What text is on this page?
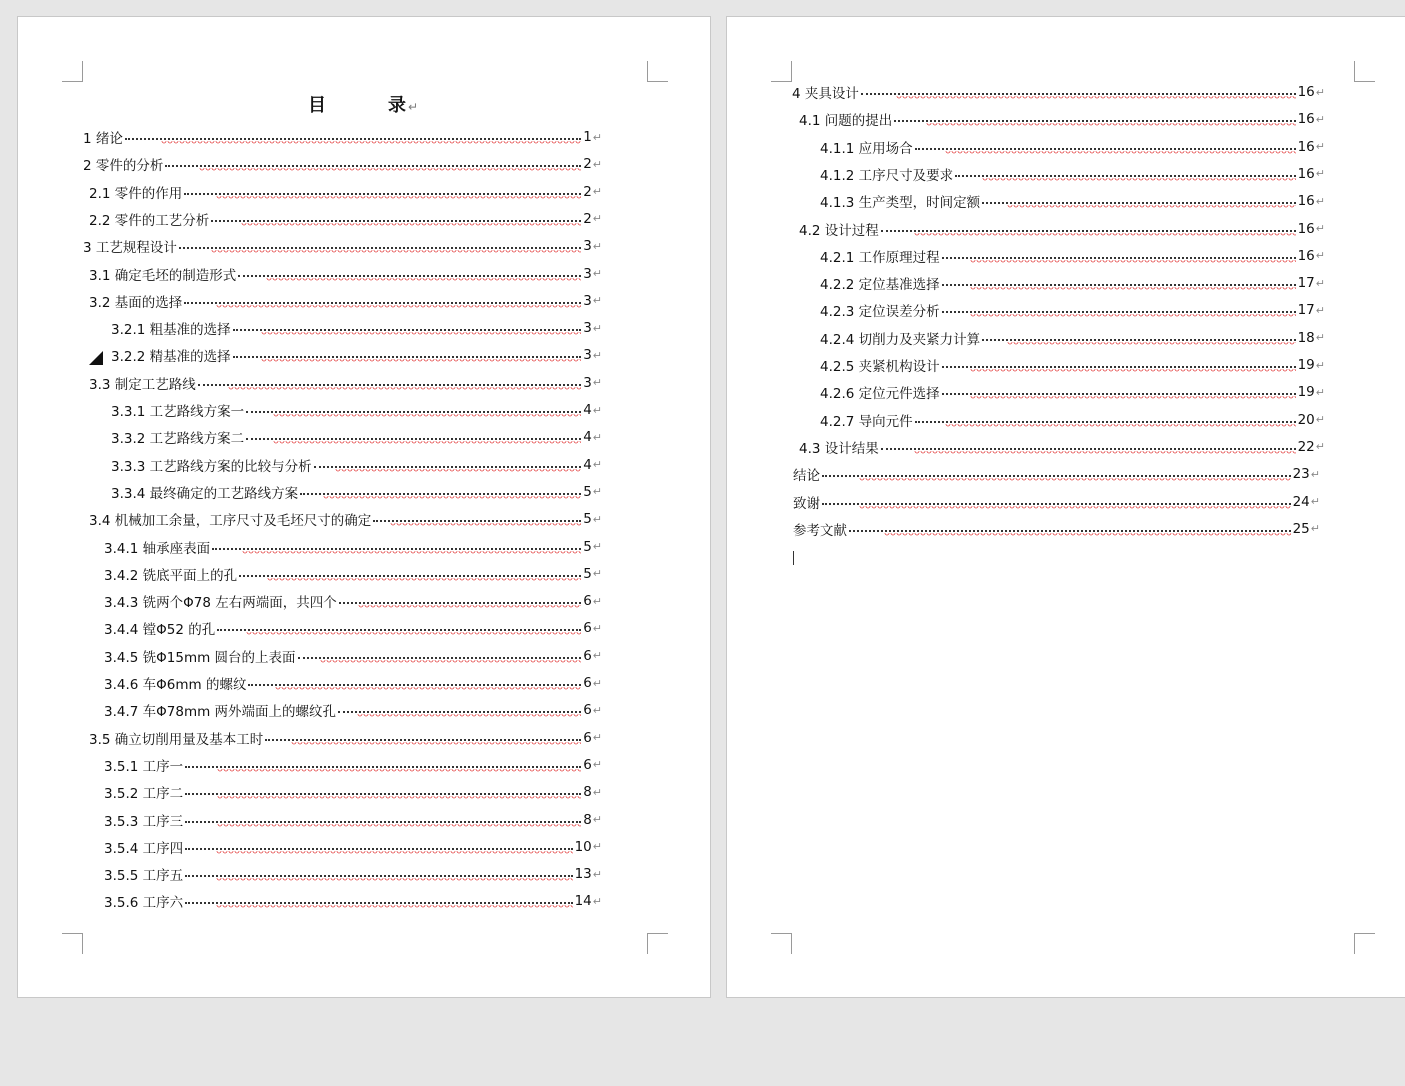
目	录↵
1 绪论	1 ↵
2 零件的分析	2 ↵
2.1 零件的作用	2 ↵
2.2 零件的工艺分析	2 ↵
3 工艺规程设计	3 ↵
3.1 确定毛坯的制造形式	3 ↵
3.2 基面的选择	3 ↵
3.2.1 粗基准的选择	3 ↵
3.2.2 精基准的选择	3 ↵
3.3 制定工艺路线	3 ↵
3.3.1 工艺路线方案一	4 ↵
3.3.2 工艺路线方案二	4 ↵
3.3.3 工艺路线方案的比较与分析	4 ↵
3.3.4 最终确定的工艺路线方案	5 ↵
3.4 机械加工余量，工序尺寸及毛坯尺寸的确定	5 ↵
3.4.1 轴承座表面	5 ↵
3.4.2 铣底平面上的孔	5 ↵
3.4.3 铣两个Φ78 左右两端面，共四个	6 ↵
3.4.4 镗Φ52 的孔	6 ↵
3.4.5 铣Φ15mm 圆台的上表面	6 ↵
3.4.6 车Φ6mm 的螺纹	6 ↵
3.4.7 车Φ78mm 两外端面上的螺纹孔	6 ↵
3.5 确立切削用量及基本工时	6 ↵
3.5.1 工序一	6 ↵
3.5.2 工序二	8 ↵
3.5.3 工序三	8 ↵
3.5.4 工序四	10 ↵
3.5.5 工序五	13 ↵
3.5.6 工序六	14 ↵
4 夹具设计	16 ↵
4.1 问题的提出	16 ↵
4.1.1 应用场合	16 ↵
4.1.2 工序尺寸及要求	16 ↵
4.1.3 生产类型，时间定额	16 ↵
4.2 设计过程	16 ↵
4.2.1 工作原理过程	16 ↵
4.2.2 定位基准选择	17 ↵
4.2.3 定位误差分析	17 ↵
4.2.4 切削力及夹紧力计算	18 ↵
4.2.5 夹紧机构设计	19 ↵
4.2.6 定位元件选择	19 ↵
4.2.7 导向元件	20 ↵
4.3 设计结果	22 ↵
结论	23 ↵
致谢	24 ↵
参考文献	25 ↵
